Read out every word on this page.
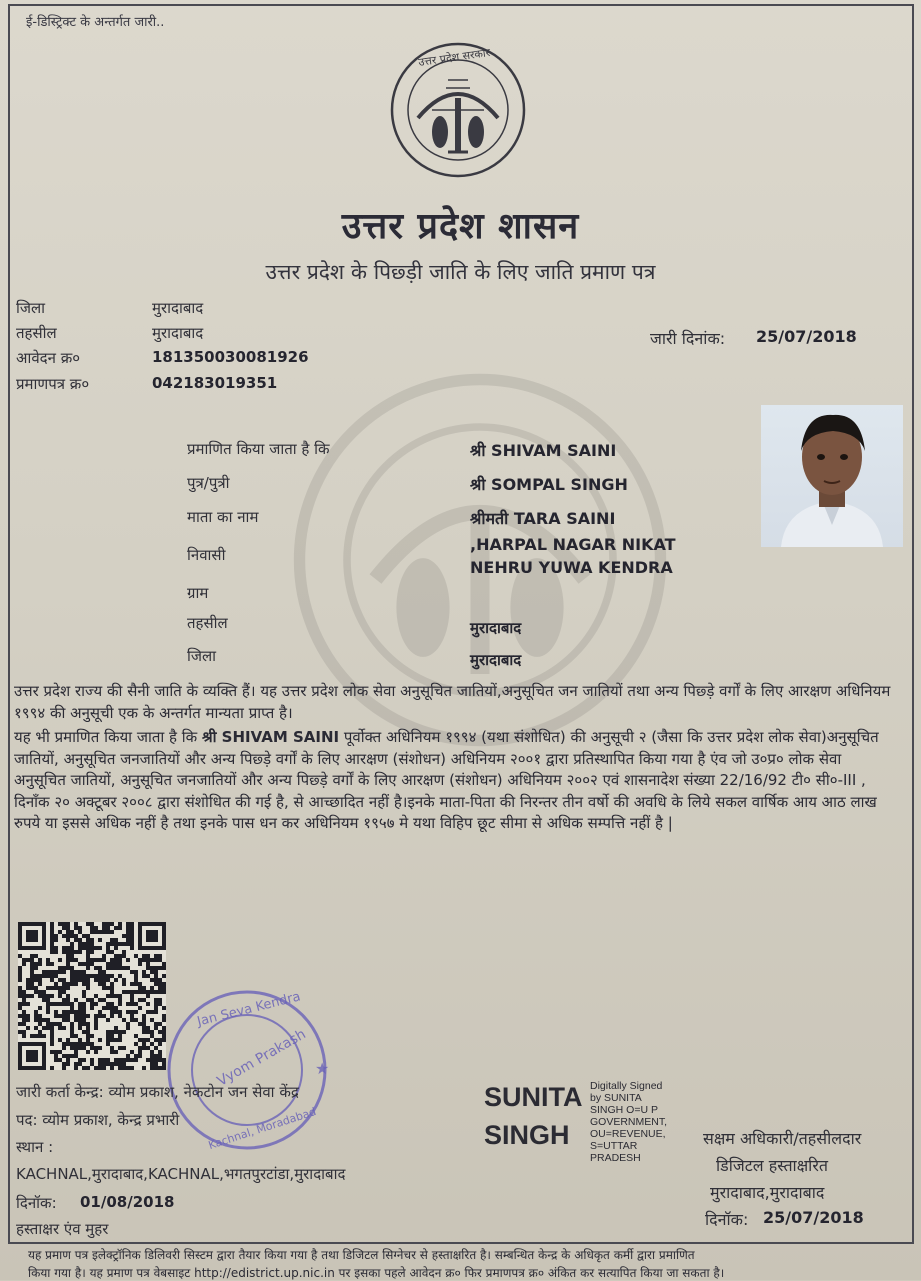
ई-डिस्ट्रिक्ट के अन्तर्गत जारी..
उत्तर प्रदेश सरकार
उत्तर प्रदेश शासन
उत्तर प्रदेश के पिछ्ड़ी जाति के लिए जाति प्रमाण पत्र
जिला	मुरादाबाद
तहसील	मुरादाबाद
आवेदन क्र०	181350030081926
प्रमाणपत्र क्र०	042183019351
जारी दिनांक: 25/07/2018
प्रमाणित किया जाता है कि	श्री SHIVAM SAINI
पुत्र/पुत्री	श्री SOMPAL SINGH
माता का नाम	श्रीमती TARA SAINI
निवासी
,HARPAL NAGAR NIKAT
NEHRU YUWA KENDRA
ग्राम
तहसील	मुरादाबाद
जिला	मुरादाबाद

उत्तर प्रदेश राज्य की सैनी जाति के व्यक्ति हैं। यह उत्तर प्रदेश लोक सेवा अनुसूचित जातियों,अनुसूचित जन जातियों तथा अन्य पिछ्ड़े वर्गों के लिए आरक्षण अधिनियम १९९४ की अनुसूची एक के अन्तर्गत मान्यता प्राप्त है।

यह भी प्रमाणित किया जाता है कि श्री SHIVAM SAINI पूर्वोक्त अधिनियम १९९४ (यथा संशोधित) की अनुसूची २ (जैसा कि उत्तर प्रदेश लोक सेवा)अनुसूचित जातियों, अनुसूचित जनजातियों और अन्य पिछ्ड़े वर्गों के लिए आरक्षण (संशोधन) अधिनियम २००१ द्वारा प्रतिस्थापित किया गया है एंव जो उ०प्र० लोक सेवा अनुसूचित जातियों, अनुसूचित जनजातियों और अन्य पिछ्ड़े वर्गों के लिए आरक्षण (संशोधन) अधिनियम २००२ एवं शासनादेश संख्या 22/16/92 टी० सी०-III , दिनाँक २० अक्टूबर २००८ द्वारा संशोधित की गई है, से आच्छादित नहीं है।इनके माता-पिता की निरन्तर तीन वर्षो की अवधि के लिये सकल वार्षिक आय आठ लाख रुपये या इससे अधिक नहीं है तथा इनके पास धन कर अधिनियम १९५७ मे यथा विहिप छूट सीमा से अधिक सम्पत्ति नहीं है |

★
Jan Seva Kendra
Vyom Prakash
Kachnal, Moradabad
जारी कर्ता केन्द्र: व्योम प्रकाश, नेकटोन जन सेवा केंद्र
पद: व्योम प्रकाश, केन्द्र प्रभारी
स्थान :
KACHNAL,मुरादाबाद,KACHNAL,भगतपुरटांडा,मुरादाबाद
दिनॉक: 01/08/2018
हस्ताक्षर एंव मुहर
SUNITA
SINGH
Digitally Signed
by SUNITA
SINGH O=U P
GOVERNMENT,
OU=REVENUE,
S=UTTAR
PRADESH
सक्षम अधिकारी/तहसीलदार
डिजिटल हस्ताक्षरित
मुरादाबाद,मुरादाबाद
दिनॉक: 25/07/2018
यह प्रमाण पत्र इलेक्ट्रॉनिक डिलिवरी सिस्टम द्वारा तैयार किया गया है तथा डिजिटल सिग्नेचर से हस्ताक्षरित है। सम्बन्धित केन्द्र के अधिकृत कर्मी द्वारा प्रमाणित
किया गया है। यह प्रमाण पत्र वेबसाइट http://edistrict.up.nic.in पर इसका पहले आवेदन क्र० फिर प्रमाणपत्र क्र० अंकित कर सत्यापित किया जा सकता है।
